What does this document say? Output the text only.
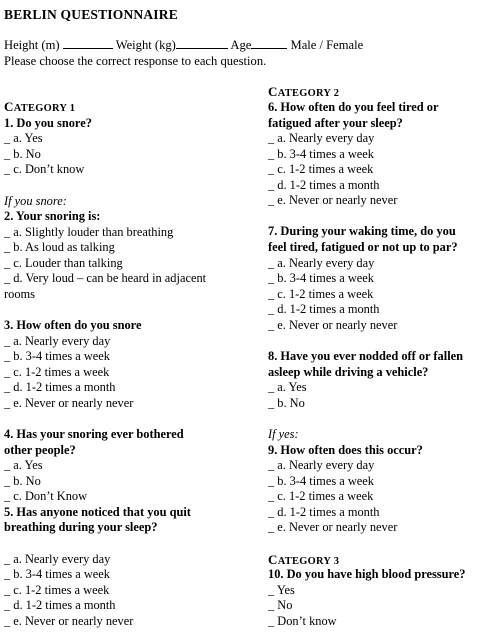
BERLIN QUESTIONNAIRE
Height (m)	Weight (kg)	Age	Male / Female
Please choose the correct response to each question.
CATEGORY 1
1. Do you snore?
_ a. Yes
_ b. No
_ c. Don’t know
If you snore:
2. Your snoring is:
_ a. Slightly louder than breathing
_ b. As loud as talking
_ c. Louder than talking
_ d. Very loud – can be heard in adjacent
rooms
3. How often do you snore
_ a. Nearly every day
_ b. 3-4 times a week
_ c. 1-2 times a week
_ d. 1-2 times a month
_ e. Never or nearly never
4. Has your snoring ever bothered
other people?
_ a. Yes
_ b. No
_ c. Don’t Know
5. Has anyone noticed that you quit
breathing during your sleep?
_ a. Nearly every day
_ b. 3-4 times a week
_ c. 1-2 times a week
_ d. 1-2 times a month
_ e. Never or nearly never
CATEGORY 2
6. How often do you feel tired or
fatigued after your sleep?
_ a. Nearly every day
_ b. 3-4 times a week
_ c. 1-2 times a week
_ d. 1-2 times a month
_ e. Never or nearly never
7. During your waking time, do you
feel tired, fatigued or not up to par?
_ a. Nearly every day
_ b. 3-4 times a week
_ c. 1-2 times a week
_ d. 1-2 times a month
_ e. Never or nearly never
8. Have you ever nodded off or fallen
asleep while driving a vehicle?
_ a. Yes
_ b. No
If yes:
9. How often does this occur?
_ a. Nearly every day
_ b. 3-4 times a week
_ c. 1-2 times a week
_ d. 1-2 times a month
_ e. Never or nearly never
CATEGORY 3
10. Do you have high blood pressure?
_ Yes
_ No
_ Don’t know
